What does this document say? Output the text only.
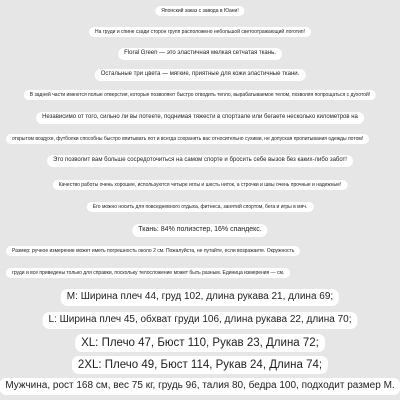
Японский заказ с завода в Юани!
На груди и спине сзади сторон групп расположено небольшой светоотражающий логотип!
Floral Green — это эластичная мелкая сетчатая ткань.
Остальные три цвета — мягкие, приятные для кожи эластичные ткани.
В задней части имеются полые отверстия, которые позволяют быстро отводить тепло, вырабатываемое телом, позволяя попрощаться с духотой!
Независимо от того, сильно ли вы потеете, поднимая тяжести в спортзале или бегаете несколько километров на
открытом воздухе, футболки способны быстро впитывать пот и всегда сохранять вас относительно сухими, не допуская пропитывания одежды потом!
Это позволит вам больше сосредоточиться на самом спорте и бросить себе вызов без каких-либо забот!
Качество работы очень хорошее, используются четыре иглы и шесть ниток, а строчки и швы очень прочные и надежные!
Его можно носить для повседневного отдыха, фитнеса, занятий спортом, бега и игры в мяч.
Ткань: 84% полиэстер, 16% спандекс.
Размер: ручное измерение может иметь погрешность около 2 см. Пожалуйста, не путайте, если возражаете. Окружность
груди и все приведены только для справки, поскольку телосложение может быть разным. Единица измерения — см.
M: Ширина плеч 44, груд 102, длина рукава 21, длина 69;
L: Ширина плеч 45, обхват груди 106, длина рукава 22, длина 70;
XL: Плечо 47, Бюст 110, Рукав 23, Длина 72;
2XL: Плечо 49, Бюст 114, Рукав 24, Длина 74;
Мужчина, рост 168 см, вес 75 кг, грудь 96, талия 80, бедра 100, подходит размер M.
